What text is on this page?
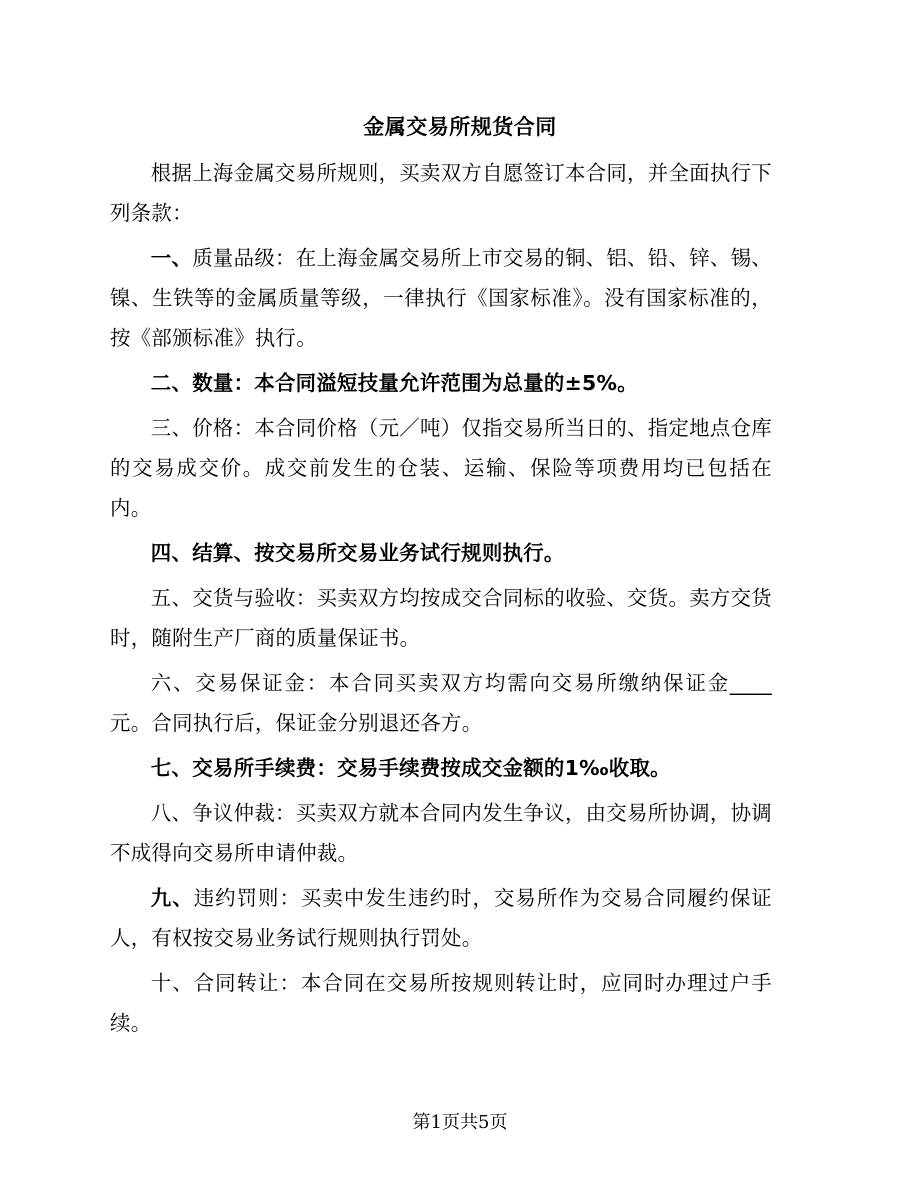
金属交易所规货合同

根据上海金属交易所规则，买卖双方自愿签订本合同，并全面执行下列条款：

一、质量品级：在上海金属交易所上市交易的铜、铝、铅、锌、锡、镍、生铁等的金属质量等级，一律执行《国家标准》。没有国家标准的，按《部颁标准》执行。

二、数量：本合同溢短技量允许范围为总量的±5%。

三、价格：本合同价格（元／吨）仅指交易所当日的、指定地点仓库的交易成交价。成交前发生的仓装、运输、保险等项费用均已包括在内。

四、结算、按交易所交易业务试行规则执行。

五、交货与验收：买卖双方均按成交合同标的收验、交货。卖方交货时，随附生产厂商的质量保证书。

六、交易保证金：本合同买卖双方均需向交易所缴纳保证金____元。合同执行后，保证金分别退还各方。

七、交易所手续费：交易手续费按成交金额的1‰收取。

八、争议仲裁：买卖双方就本合同内发生争议，由交易所协调，协调不成得向交易所申请仲裁。

九、违约罚则：买卖中发生违约时，交易所作为交易合同履约保证人，有权按交易业务试行规则执行罚处。

十、合同转让：本合同在交易所按规则转让时，应同时办理过户手续。

第1页共5页
